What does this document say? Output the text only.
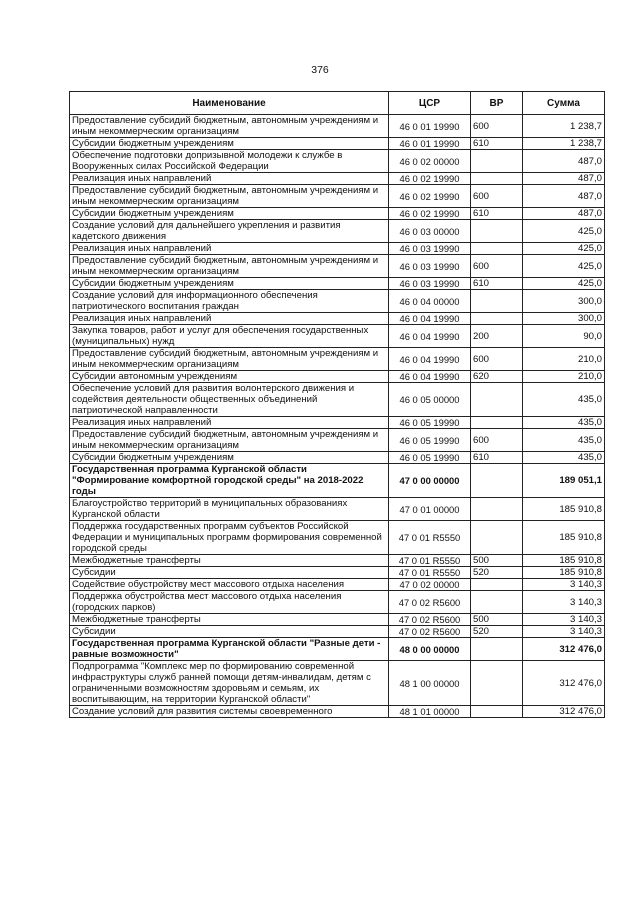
376
Наименование	ЦСР	ВР	Сумма
Предоставление субсидий бюджетным, автономным учреждениям и иным некоммерческим организациям	46 0 01 19990	600	1 238,7
Субсидии бюджетным учреждениям	46 0 01 19990	610	1 238,7
Обеспечение подготовки допризывной молодежи к службе в Вооруженных силах Российской Федерации	46 0 02 00000		487,0
Реализация иных направлений	46 0 02 19990		487,0
Предоставление субсидий бюджетным, автономным учреждениям и иным некоммерческим организациям	46 0 02 19990	600	487,0
Субсидии бюджетным учреждениям	46 0 02 19990	610	487,0
Создание условий для дальнейшего укрепления и развития кадетского движения	46 0 03 00000		425,0
Реализация иных направлений	46 0 03 19990		425,0
Предоставление субсидий бюджетным, автономным учреждениям и иным некоммерческим организациям	46 0 03 19990	600	425,0
Субсидии бюджетным учреждениям	46 0 03 19990	610	425,0
Создание условий для информационного обеспечения патриотического воспитания граждан	46 0 04 00000		300,0
Реализация иных направлений	46 0 04 19990		300,0
Закупка товаров, работ и услуг для обеспечения государственных (муниципальных) нужд	46 0 04 19990	200	90,0
Предоставление субсидий бюджетным, автономным учреждениям и иным некоммерческим организациям	46 0 04 19990	600	210,0
Субсидии автономным учреждениям	46 0 04 19990	620	210,0
Обеспечение условий для развития волонтерского движения и содействия деятельности общественных объединений патриотической направленности	46 0 05 00000		435,0
Реализация иных направлений	46 0 05 19990		435,0
Предоставление субсидий бюджетным, автономным учреждениям и иным некоммерческим организациям	46 0 05 19990	600	435,0
Субсидии бюджетным учреждениям	46 0 05 19990	610	435,0
Государственная программа Курганской области "Формирование комфортной городской среды" на 2018-2022 годы	47 0 00 00000		189 051,1
Благоустройство территорий в муниципальных образованиях Курганской области	47 0 01 00000		185 910,8
Поддержка государственных программ субъектов Российской Федерации и муниципальных программ формирования современной городской среды	47 0 01 R5550		185 910,8
Межбюджетные трансферты	47 0 01 R5550	500	185 910,8
Субсидии	47 0 01 R5550	520	185 910,8
Содействие обустройству мест массового отдыха населения	47 0 02 00000		3 140,3
Поддержка обустройства мест массового отдыха населения (городских парков)	47 0 02 R5600		3 140,3
Межбюджетные трансферты	47 0 02 R5600	500	3 140,3
Субсидии	47 0 02 R5600	520	3 140,3
Государственная программа Курганской области "Разные дети - равные возможности"	48 0 00 00000		312 476,0
Подпрограмма "Комплекс мер по формированию современной инфраструктуры служб ранней помощи детям-инвалидам, детям с ограниченными возможностям здоровьям и семьям, их воспитывающим, на территории Курганской области"	48 1 00 00000		312 476,0
Создание условий для развития системы своевременного	48 1 01 00000		312 476,0
